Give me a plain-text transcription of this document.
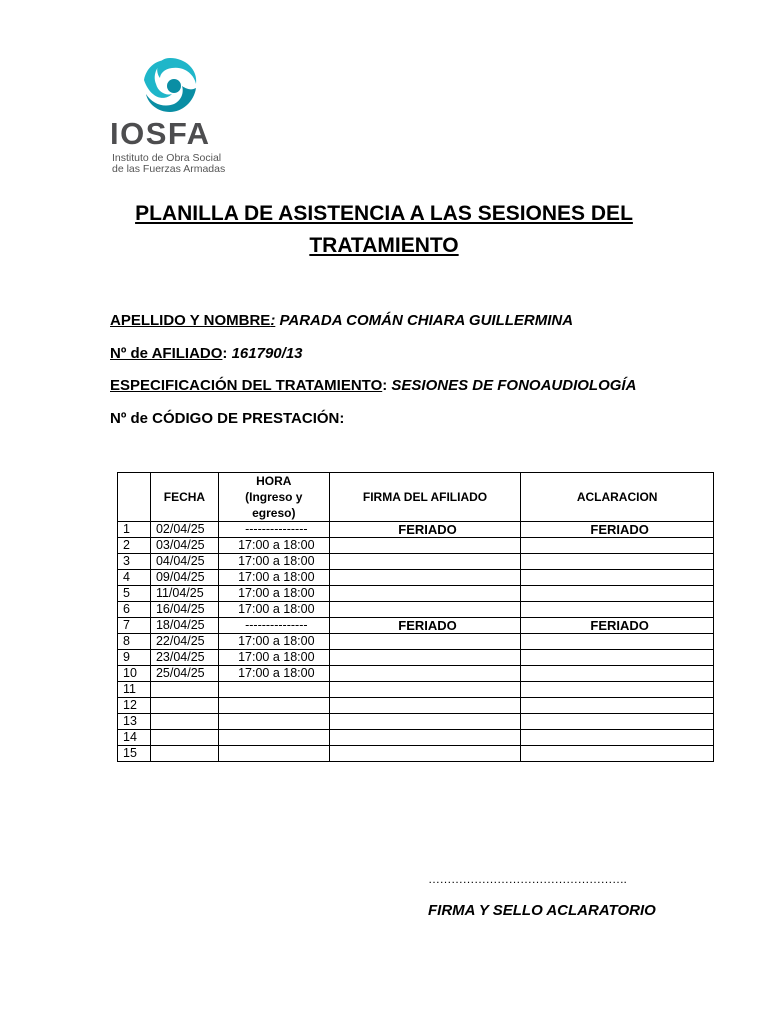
IOSFA
Instituto de Obra Social
de las Fuerzas Armadas
PLANILLA DE ASISTENCIA A LAS SESIONES DEL
TRATAMIENTO
APELLIDO Y NOMBRE: PARADA COMÁN CHIARA GUILLERMINA
Nº de AFILIADO: 161790/13
ESPECIFICACIÓN DEL TRATAMIENTO: SESIONES DE FONOAUDIOLOGÍA
Nº de CÓDIGO DE PRESTACIÓN:
	FECHA	HORA
(Ingreso y
egreso)	FIRMA DEL AFILIADO	ACLARACION
1	02/04/25	---------------	FERIADO	FERIADO
2	03/04/25	17:00 a 18:00		
3	04/04/25	17:00 a 18:00		
4	09/04/25	17:00 a 18:00		
5	11/04/25	17:00 a 18:00		
6	16/04/25	17:00 a 18:00		
7	18/04/25	---------------	FERIADO	FERIADO
8	22/04/25	17:00 a 18:00		
9	23/04/25	17:00 a 18:00		
10	25/04/25	17:00 a 18:00		
11				
12				
13				
14				
15				
…………………………………………….
FIRMA Y SELLO ACLARATORIO
